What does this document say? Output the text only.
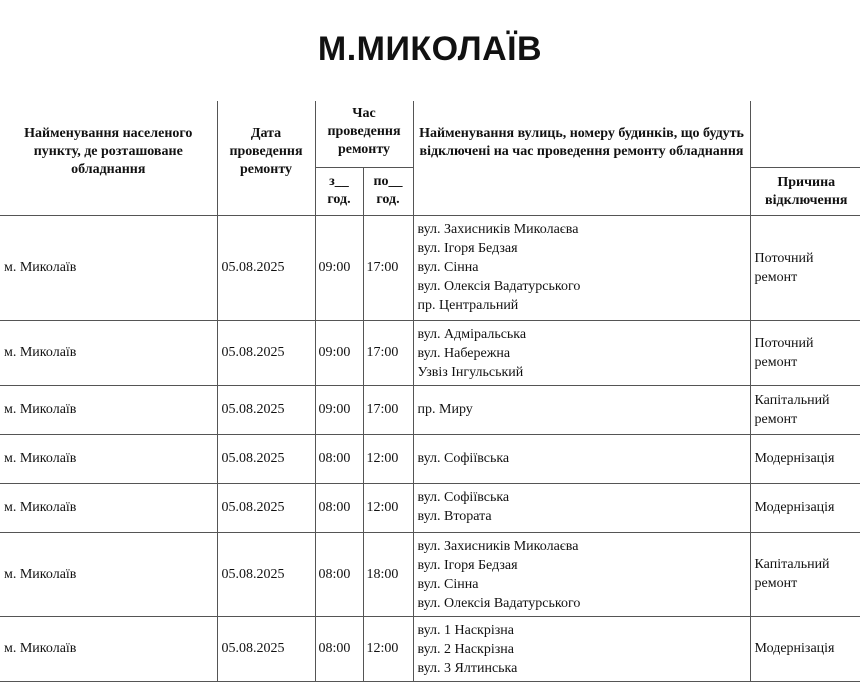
М.МИКОЛАЇВ
Найменування населеного пункту, де розташоване обладнання	Дата проведення ремонту	Час проведення ремонту		Найменування вулиць, номеру будинків, що будуть відключені на час проведення ремонту обладнання	
		з__ год.	по__ год.		Причина відключення
м. Миколаїв	05.08.2025	09:00	17:00	вул. Захисників Миколаєва
вул. Ігоря Бедзая
вул. Сінна
вул. Олексія Вадатурського
пр. Центральний	Поточний ремонт
м. Миколаїв	05.08.2025	09:00	17:00	вул. Адміральська
вул. Набережна
Узвіз Інгульський	Поточний ремонт
м. Миколаїв	05.08.2025	09:00	17:00	пр. Миру	Капітальний ремонт
м. Миколаїв	05.08.2025	08:00	12:00	вул. Софіївська	Модернізація
м. Миколаїв	05.08.2025	08:00	12:00	вул. Софіївська
вул. Втората	Модернізація
м. Миколаїв	05.08.2025	08:00	18:00	вул. Захисників Миколаєва
вул. Ігоря Бедзая
вул. Сінна
вул. Олексія Вадатурського	Капітальний ремонт
м. Миколаїв	05.08.2025	08:00	12:00	вул. 1 Наскрізна
вул. 2 Наскрізна
вул. 3 Ялтинська	Модернізація
